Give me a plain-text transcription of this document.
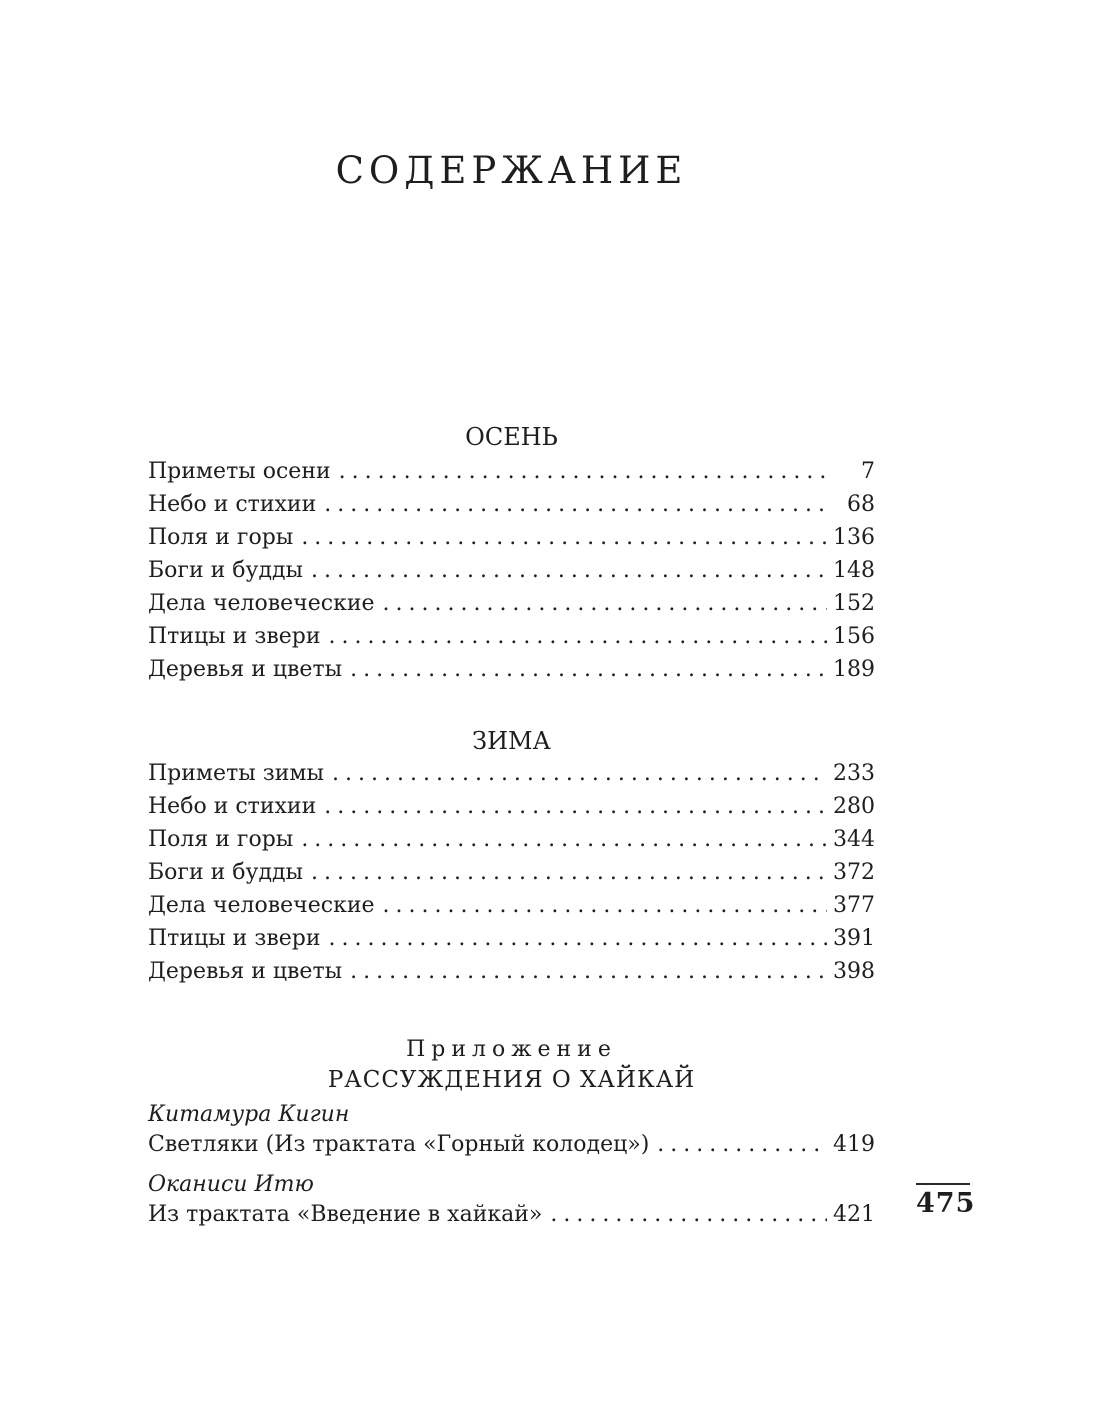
СОДЕРЖАНИЕ
ОСЕНЬ
Приметы осени .....	7
Небо и стихии .....	68
Поля и горы .....	136
Боги и будды .....	148
Дела человеческие .....	152
Птицы и звери .....	156
Деревья и цветы .....	189
ЗИМА
Приметы зимы .....	233
Небо и стихии .....	280
Поля и горы .....	344
Боги и будды .....	372
Дела человеческие .....	377
Птицы и звери .....	391
Деревья и цветы .....	398
Приложение
РАССУЖДЕНИЯ О ХАЙКАЙ
Китамура Кигин
Светляки (Из трактата «Горный колодец») .....	419
Оканиси Итю
Из трактата «Введение в хайкай» .....	421 475
